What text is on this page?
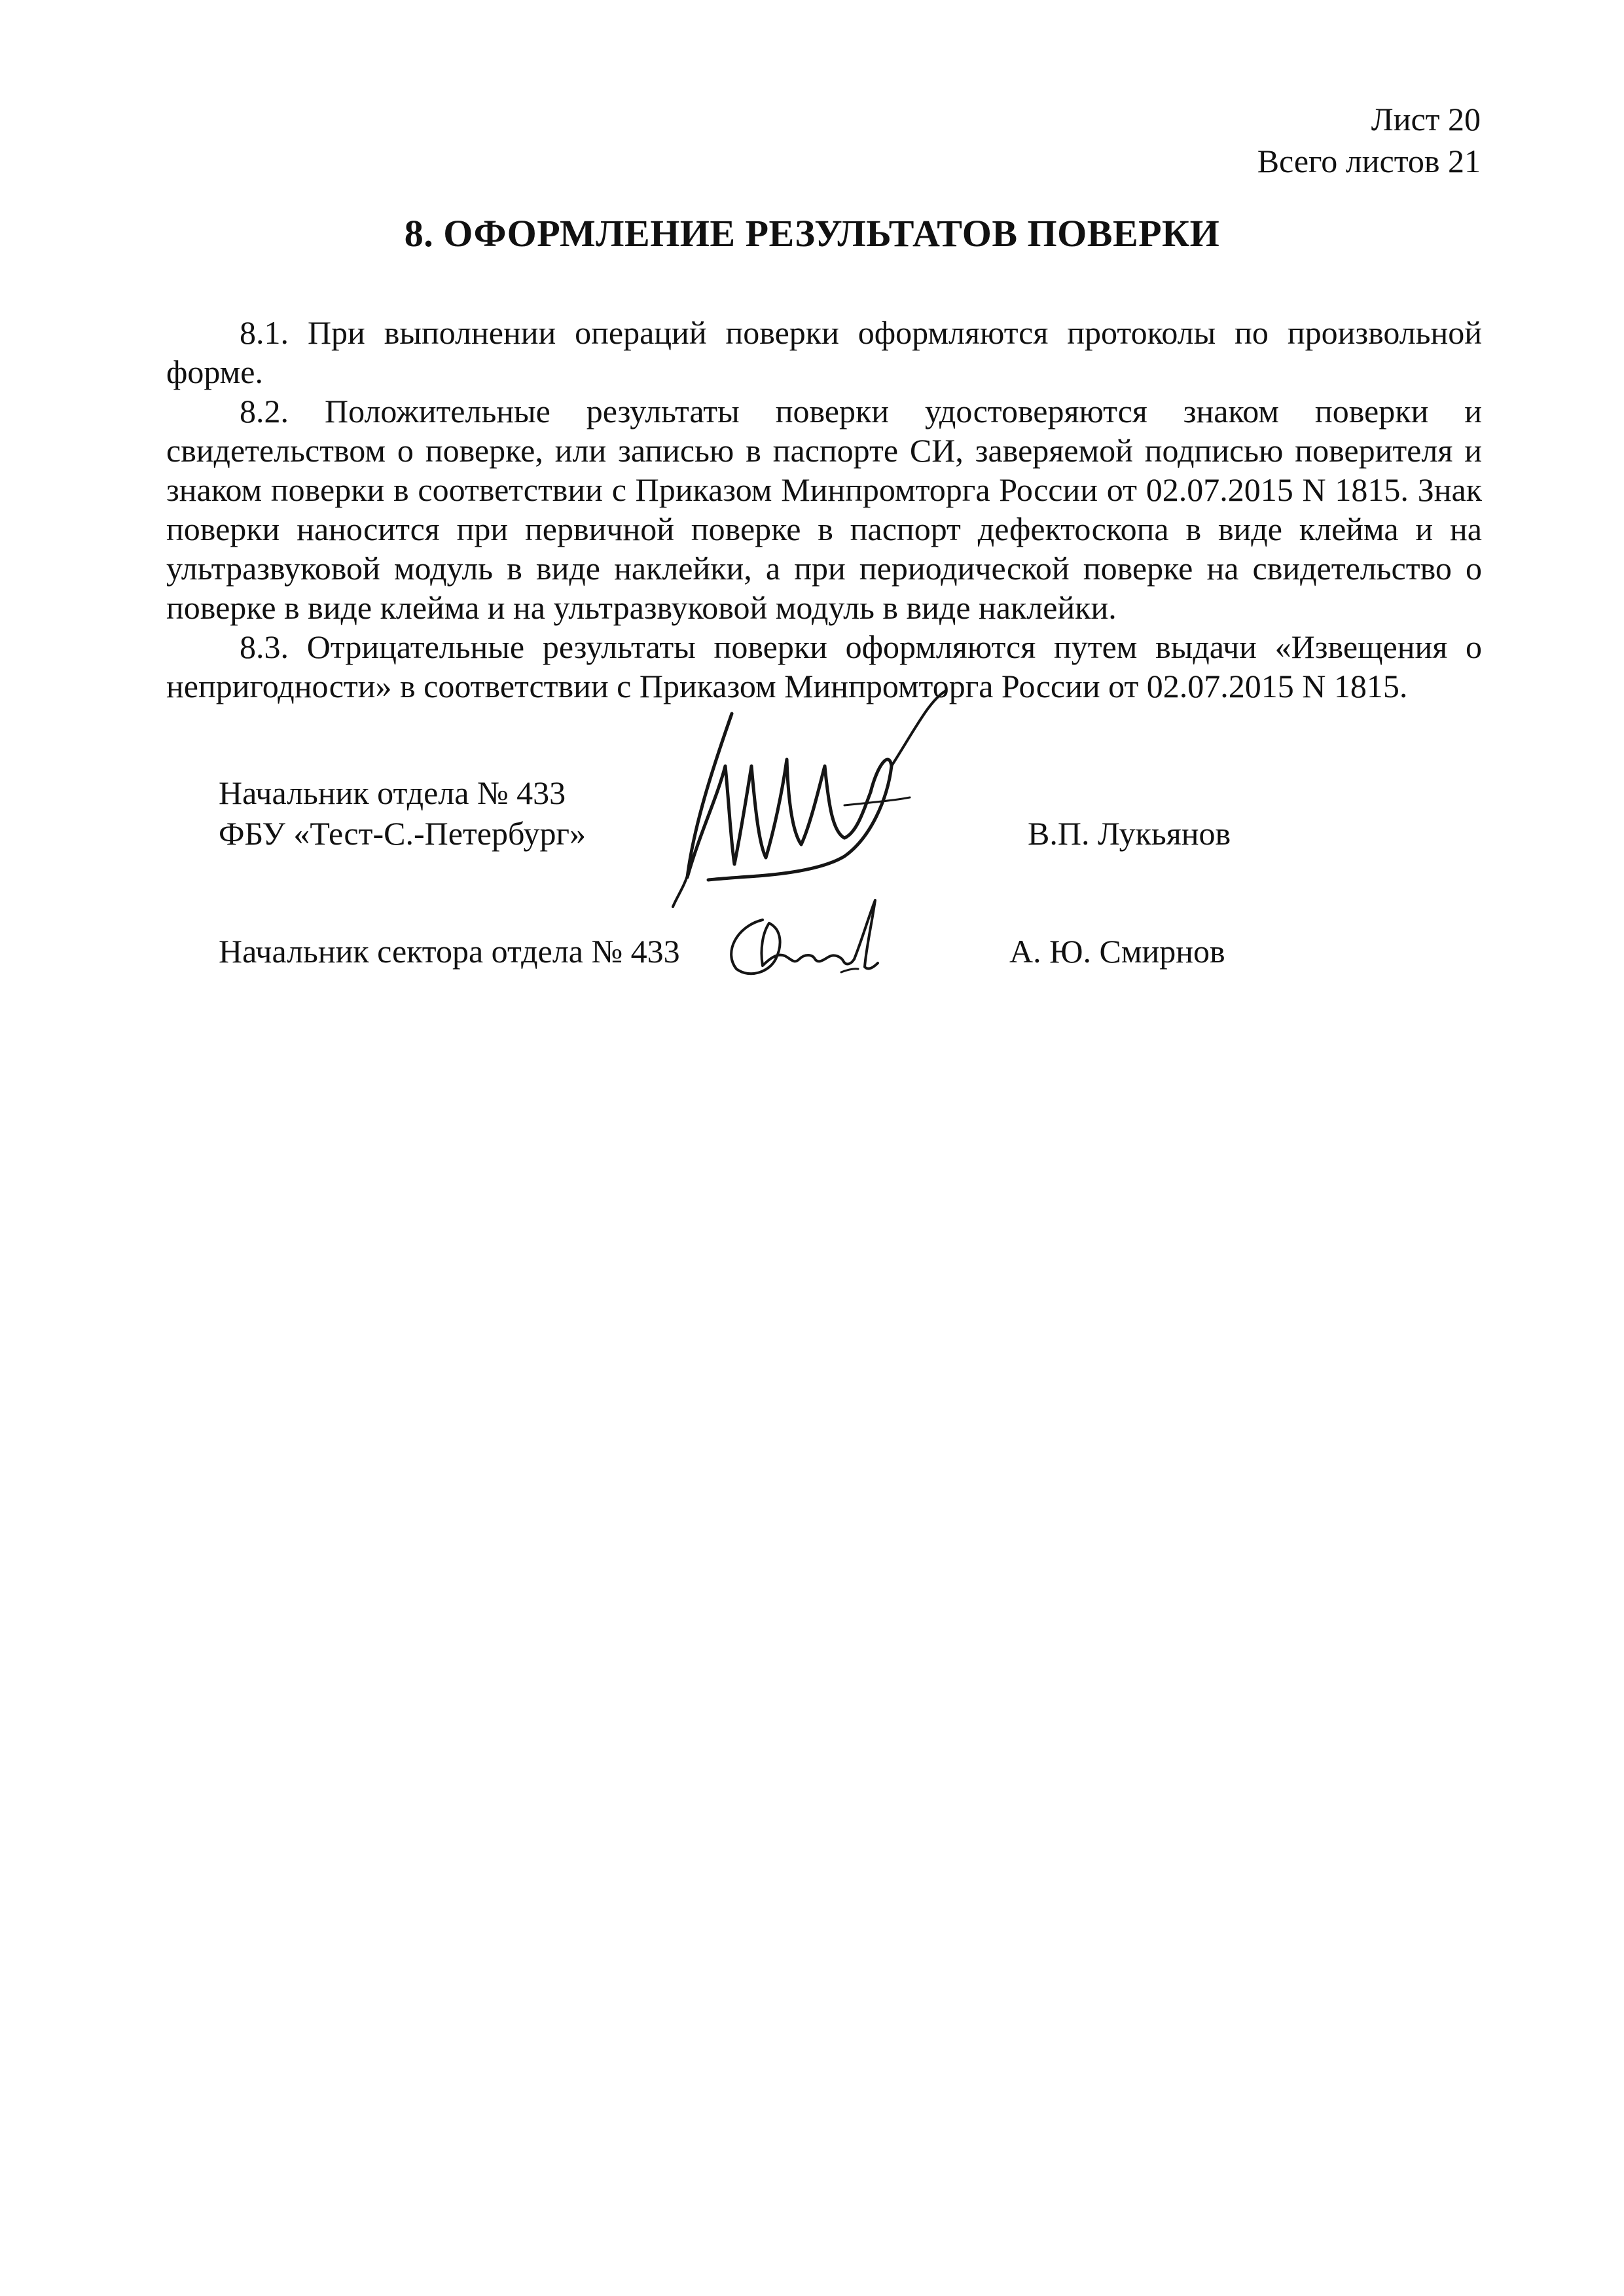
Лист 20
Всего листов 21
8. ОФОРМЛЕНИЕ РЕЗУЛЬТАТОВ ПОВЕРКИ

8.1. При выполнении операций поверки оформляются протоколы по произвольной форме.

8.2. Положительные результаты поверки удостоверяются знаком поверки и свидетельством о поверке, или записью в паспорте СИ, заверяемой подписью поверителя и знаком поверки в соответствии с Приказом Минпромторга России от 02.07.2015 N 1815. Знак поверки наносится при первичной поверке в паспорт дефектоскопа в виде клейма и на ультразвуковой модуль в виде наклейки, а при периодической поверке на свидетельство о поверке в виде клейма и на ультразвуковой модуль в виде наклейки.

8.3. Отрицательные результаты поверки оформляются путем выдачи «Извещения о непригодности» в соответствии с Приказом Минпромторга России от 02.07.2015 N 1815.

Начальник отдела № 433
ФБУ «Тест-С.-Петербург»	В.П. Лукьянов
Начальник сектора отдела № 433	А. Ю. Смирнов
